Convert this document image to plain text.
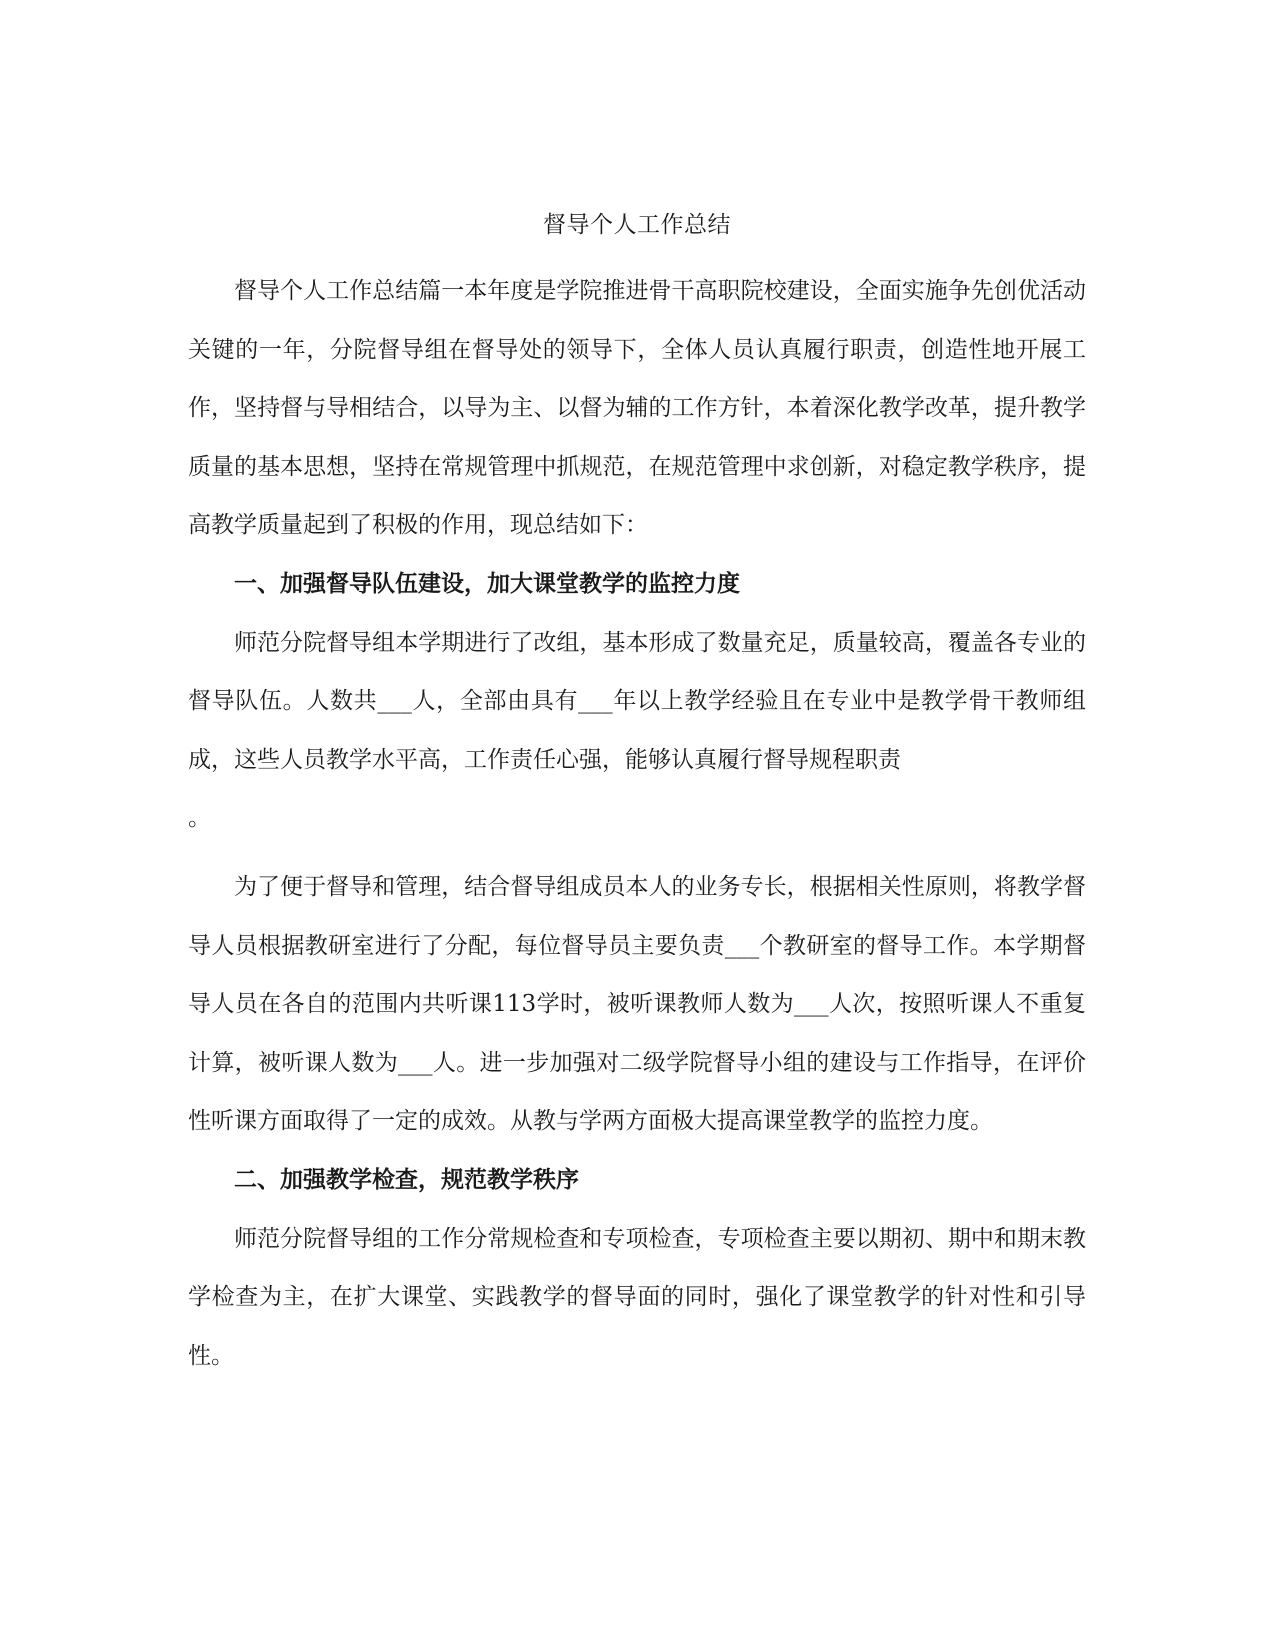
督导个人工作总结

督导个人工作总结篇一本年度是学院推进骨干高职院校建设，全面实施争先创优活动关键的一年，分院督导组在督导处的领导下，全体人员认真履行职责，创造性地开展工作，坚持督与导相结合，以导为主、以督为辅的工作方针，本着深化教学改革，提升教学质量的基本思想，坚持在常规管理中抓规范，在规范管理中求创新，对稳定教学秩序，提高教学质量起到了积极的作用，现总结如下：

一、加强督导队伍建设，加大课堂教学的监控力度

师范分院督导组本学期进行了改组，基本形成了数量充足，质量较高，覆盖各专业的督导队伍。人数共___人，全部由具有___年以上教学经验且在专业中是教学骨干教师组成，这些人员教学水平高，工作责任心强，能够认真履行督导规程职责

。

为了便于督导和管理，结合督导组成员本人的业务专长，根据相关性原则，将教学督导人员根据教研室进行了分配，每位督导员主要负责___个教研室的督导工作。本学期督导人员在各自的范围内共听课113学时，被听课教师人数为___人次，按照听课人不重复计算，被听课人数为___人。进一步加强对二级学院督导小组的建设与工作指导，在评价性听课方面取得了一定的成效。从教与学两方面极大提高课堂教学的监控力度。

二、加强教学检查，规范教学秩序

师范分院督导组的工作分常规检查和专项检查，专项检查主要以期初、期中和期末教学检查为主，在扩大课堂、实践教学的督导面的同时，强化了课堂教学的针对性和引导性。
